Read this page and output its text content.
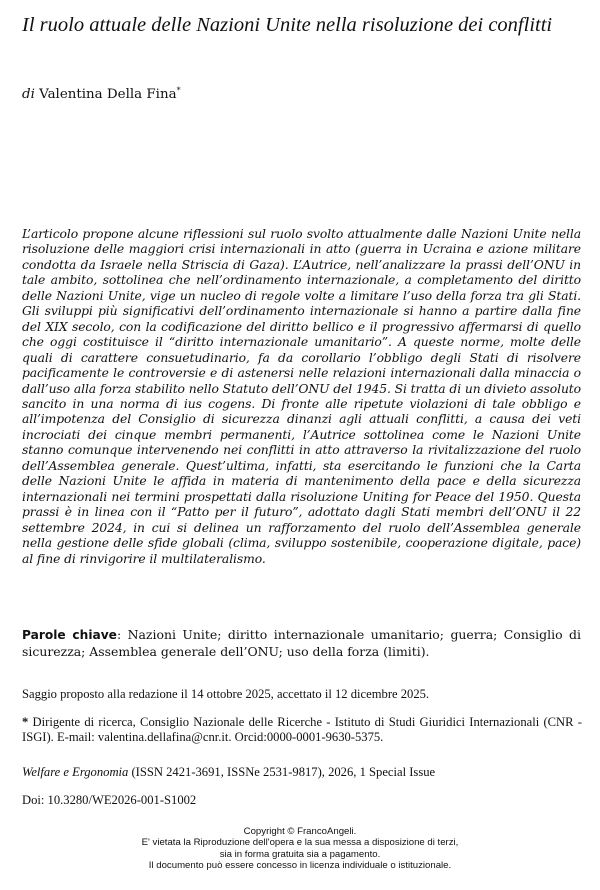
Il ruolo attuale delle Nazioni Unite nella risoluzione dei conflitti

di Valentina Della Fina*

L’articolo propone alcune riflessioni sul ruolo svolto attualmente dalle Nazioni Unite nella risoluzione delle maggiori crisi internazionali in atto (guerra in Ucraina e azione militare condotta da Israele nella Striscia di Gaza). L’Autrice, nell’analizzare la prassi dell’ONU in tale ambito, sottolinea che nell’ordinamento internazionale, a completamento del diritto delle Nazioni Unite, vige un nucleo di regole volte a limitare l’uso della forza tra gli Stati. Gli sviluppi più significativi dell’ordinamento internazionale si hanno a partire dalla fine del XIX secolo, con la codificazione del diritto bellico e il progressivo affermarsi di quello che oggi costituisce il “diritto internazionale umanitario”. A queste norme, molte delle quali di carattere consuetudinario, fa da corollario l’obbligo degli Stati di risolvere pacificamente le controversie e di astenersi nelle relazioni internazionali dalla minaccia o dall’uso alla forza stabilito nello Statuto dell’ONU del 1945. Si tratta di un divieto assoluto sancito in una norma di ius cogens. Di fronte alle ripetute violazioni di tale obbligo e all’impotenza del Consiglio di sicurezza dinanzi agli attuali conflitti, a causa dei veti incrociati dei cinque membri permanenti, l’Autrice sottolinea come le Nazioni Unite stanno comunque intervenendo nei conflitti in atto attraverso la rivitalizzazione del ruolo dell’Assemblea generale. Quest’ultima, infatti, sta esercitando le funzioni che la Carta delle Nazioni Unite le affida in materia di mantenimento della pace e della sicurezza internazionali nei termini prospettati dalla risoluzione Uniting for Peace del 1950. Questa prassi è in linea con il “Patto per il futuro”, adottato dagli Stati membri dell’ONU il 22 settembre 2024, in cui si delinea un rafforzamento del ruolo dell’Assemblea generale nella gestione delle sfide globali (clima, sviluppo sostenibile, cooperazione digitale, pace) al fine di rinvigorire il multilateralismo.

Parole chiave: Nazioni Unite; diritto internazionale umanitario; guerra; Consiglio di sicurezza; Assemblea generale dell’ONU; uso della forza (limiti).

Saggio proposto alla redazione il 14 ottobre 2025, accettato il 12 dicembre 2025.

* Dirigente di ricerca, Consiglio Nazionale delle Ricerche - Istituto di Studi Giuridici Internazionali (CNR - ISGI). E-mail: valentina.dellafina@cnr.it. Orcid:0000-0001-9630-5375.

Welfare e Ergonomia (ISSN 2421-3691, ISSNe 2531-9817), 2026, 1 Special Issue

Doi: 10.3280/WE2026-001-S1002

Copyright © FrancoAngeli.
E' vietata la Riproduzione dell'opera e la sua messa a disposizione di terzi,
sia in forma gratuita sia a pagamento.
Il documento può essere concesso in licenza individuale o istituzionale.
